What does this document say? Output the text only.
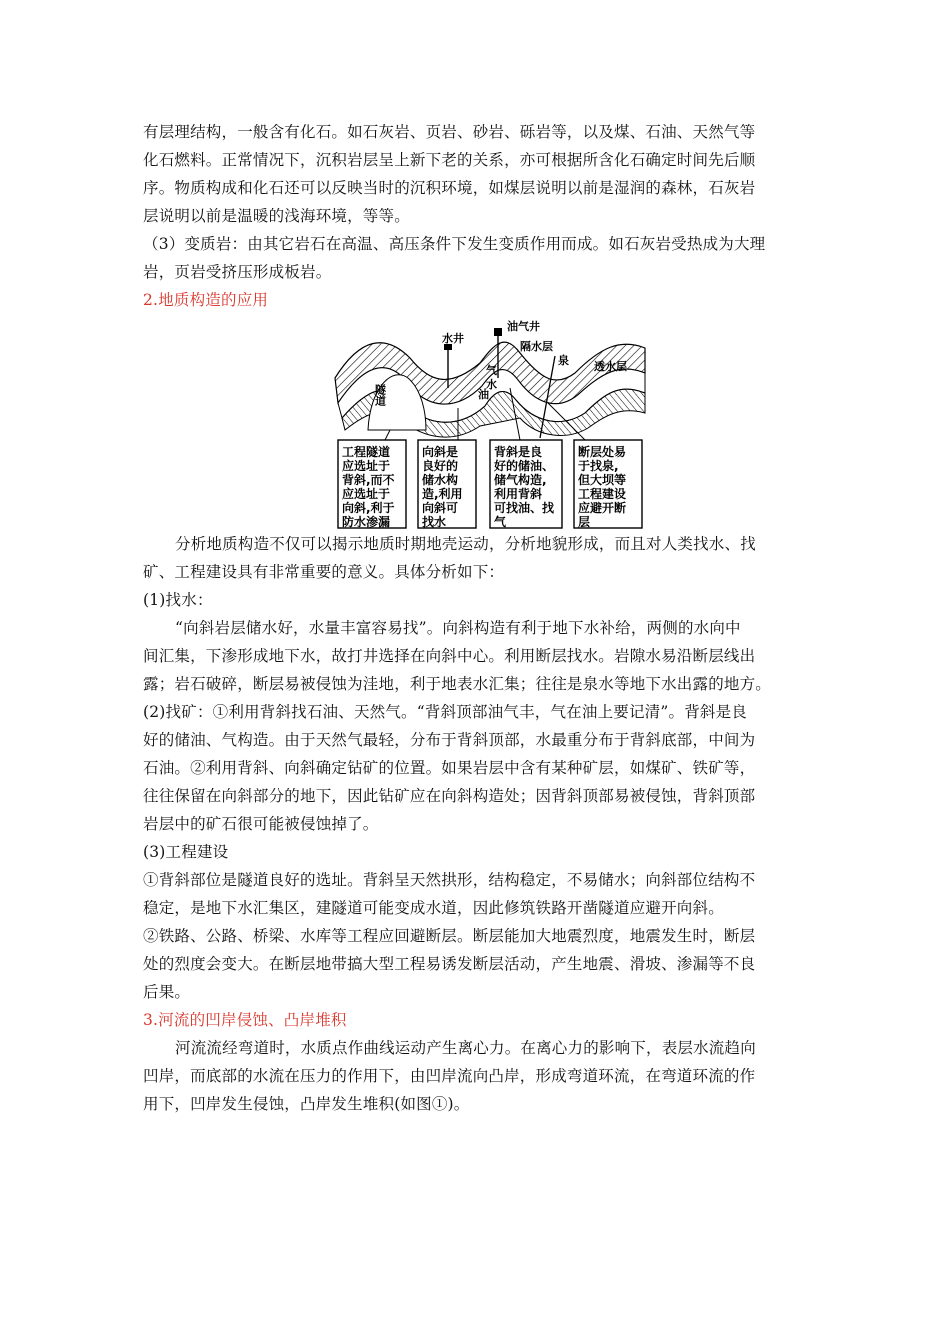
有层理结构，一般含有化石。如石灰岩、页岩、砂岩、砾岩等，以及煤、石油、天然气等
化石燃料。正常情况下，沉积岩层呈上新下老的关系，亦可根据所含化石确定时间先后顺
序。物质构成和化石还可以反映当时的沉积环境，如煤层说明以前是湿润的森林，石灰岩
层说明以前是温暖的浅海环境，等等。
（3）变质岩：由其它岩石在高温、高压条件下发生变质作用而成。如石灰岩受热成为大理
岩，页岩受挤压形成板岩。
2.地质构造的应用
油气井
水井
隔水层
泉 透水层
隧道
气
水
油
工程隧道
应选址于
背斜,而不
应选址于
向斜,利于
防水渗漏
向斜是
良好的
储水构
造,利用
向斜可
找水
背斜是良
好的储油、
储气构造,
利用背斜
可找油、找
气
断层处易
于找泉,
但大坝等
工程建设
应避开断
层
分析地质构造不仅可以揭示地质时期地壳运动，分析地貌形成，而且对人类找水、找
矿、工程建设具有非常重要的意义。具体分析如下：
(1)找水：
“向斜岩层储水好，水量丰富容易找”。向斜构造有利于地下水补给，两侧的水向中
间汇集，下渗形成地下水，故打井选择在向斜中心。利用断层找水。岩隙水易沿断层线出
露；岩石破碎，断层易被侵蚀为洼地，利于地表水汇集；往往是泉水等地下水出露的地方。
(2)找矿：①利用背斜找石油、天然气。“背斜顶部油气丰，气在油上要记清”。背斜是良
好的储油、气构造。由于天然气最轻，分布于背斜顶部，水最重分布于背斜底部，中间为
石油。②利用背斜、向斜确定钻矿的位置。如果岩层中含有某种矿层，如煤矿、铁矿等，
往往保留在向斜部分的地下，因此钻矿应在向斜构造处；因背斜顶部易被侵蚀，背斜顶部
岩层中的矿石很可能被侵蚀掉了。
(3)工程建设
①背斜部位是隧道良好的选址。背斜呈天然拱形，结构稳定，不易储水；向斜部位结构不
稳定，是地下水汇集区，建隧道可能变成水道，因此修筑铁路开凿隧道应避开向斜。
②铁路、公路、桥梁、水库等工程应回避断层。断层能加大地震烈度，地震发生时，断层
处的烈度会变大。在断层地带搞大型工程易诱发断层活动，产生地震、滑坡、渗漏等不良
后果。
3.河流的凹岸侵蚀、凸岸堆积
河流流经弯道时，水质点作曲线运动产生离心力。在离心力的影响下，表层水流趋向
凹岸，而底部的水流在压力的作用下，由凹岸流向凸岸，形成弯道环流，在弯道环流的作
用下，凹岸发生侵蚀，凸岸发生堆积(如图①)。
